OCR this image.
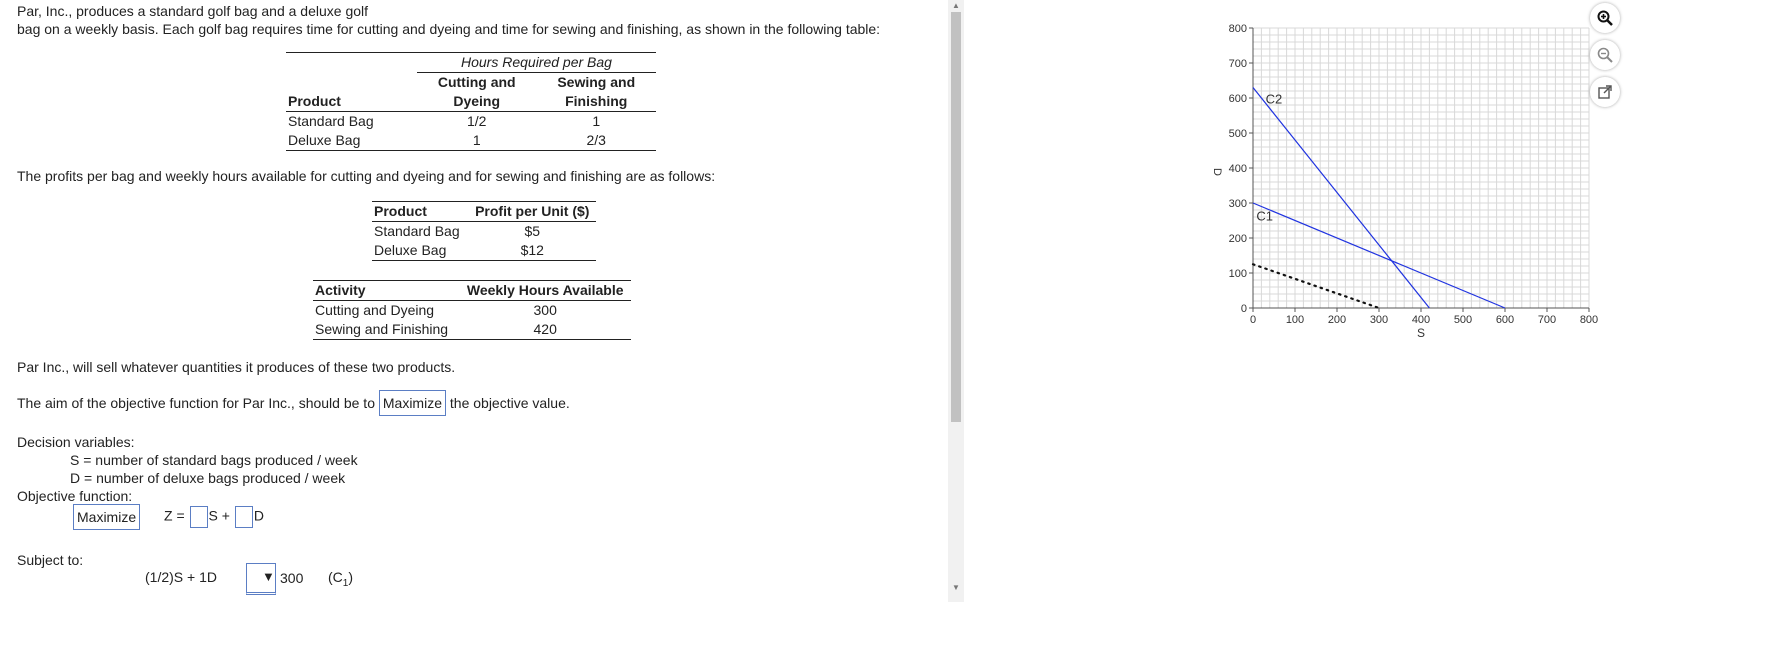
Par, Inc., produces a standard golf bag and a deluxe golf
bag on a weekly basis. Each golf bag requires time for cutting and dyeing and time for sewing and finishing, as shown in the following table:
	Hours Required per Bag	
	Cutting and	Sewing and
Product	Dyeing	Finishing
Standard Bag	1/2	1
Deluxe Bag	1	2/3
The profits per bag and weekly hours available for cutting and dyeing and for sewing and finishing are as follows:
Product	Profit per Unit ($)
Standard Bag	$5
Deluxe Bag	$12
Activity	Weekly Hours Available
Cutting and Dyeing	300
Sewing and Finishing	420
Par Inc., will sell whatever quantities it produces of these two products.
The aim of the objective function for Par Inc., should be to Maximize the objective value.
Decision variables:
S = number of standard bags produced / week
D = number of deluxe bags produced / week
Objective function:
Maximize Z = S + D
Subject to:
(1/2)S + 1D	▼ 300 $(C_1)$
▲
▼
0	100 200 300 400 500 600 700 800
0
100
200
300
400
500
600
700
800
D
S
C1
C2
